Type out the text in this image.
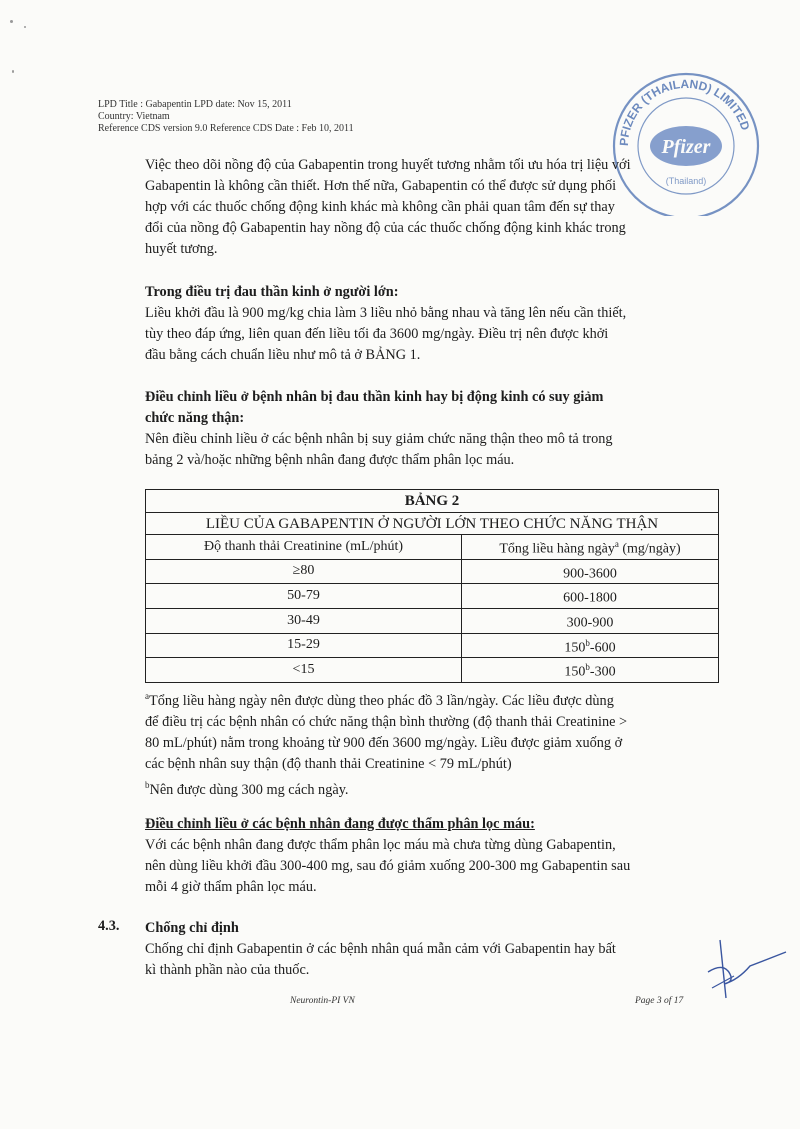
LPD Title : Gabapentin LPD date: Nov 15, 2011
Country: Vietnam
Reference CDS version 9.0 Reference CDS Date : Feb 10, 2011
PFIZER (THAILAND) LIMITED
Pfizer
(Thailand)

Việc theo dõi nồng độ của Gabapentin trong huyết tương nhằm tối ưu hóa trị liệu với

Gabapentin là không cần thiết. Hơn thế nữa, Gabapentin có thể được sử dụng phối

hợp với các thuốc chống động kinh khác mà không cần phải quan tâm đến sự thay

đổi của nồng độ Gabapentin hay nồng độ của các thuốc chống động kinh khác trong

huyết tương.

Trong điều trị đau thần kinh ở người lớn:

Liều khởi đầu là 900 mg/kg chia làm 3 liều nhỏ bằng nhau và tăng lên nếu cần thiết,

tùy theo đáp ứng, liên quan đến liều tối đa 3600 mg/ngày. Điều trị nên được khởi

đầu bằng cách chuẩn liều như mô tả ở BẢNG 1.

Điều chỉnh liều ở bệnh nhân bị đau thần kinh hay bị động kinh có suy giảm

chức năng thận:

Nên điều chỉnh liều ở các bệnh nhân bị suy giảm chức năng thận theo mô tả trong

bảng 2 và/hoặc những bệnh nhân đang được thẩm phân lọc máu.

BẢNG 2	
LIỀU CỦA GABAPENTIN Ở NGƯỜI LỚN THEO CHỨC NĂNG THẬN	
Độ thanh thải Creatinine (mL/phút)	Tổng liều hàng ngày$^a$ (mg/ngày)
≥80	900-3600
50-79	600-1800
30-49	300-900
15-29	$150^b-600$
<15	150$^b$-300

$^a$Tổng liều hàng ngày nên được dùng theo phác đồ 3 lần/ngày. Các liều được dùng

để điều trị các bệnh nhân có chức năng thận bình thường (độ thanh thải Creatinine >

80 mL/phút) nằm trong khoảng từ 900 đến 3600 mg/ngày. Liều được giảm xuống ở

các bệnh nhân suy thận (độ thanh thải Creatinine < 79 mL/phút)

$^b$Nên được dùng 300 mg cách ngày.

Điều chỉnh liều ở các bệnh nhân đang được thẩm phân lọc máu:

Với các bệnh nhân đang được thẩm phân lọc máu mà chưa từng dùng Gabapentin,

nên dùng liều khởi đầu 300-400 mg, sau đó giảm xuống 200-300 mg Gabapentin sau

mỗi 4 giờ thẩm phân lọc máu.

4.3. Chống chỉ định

Chống chỉ định Gabapentin ở các bệnh nhân quá mẫn cảm với Gabapentin hay bất

kì thành phần nào của thuốc.

Neurontin-PI VN	Page 3 of 17
